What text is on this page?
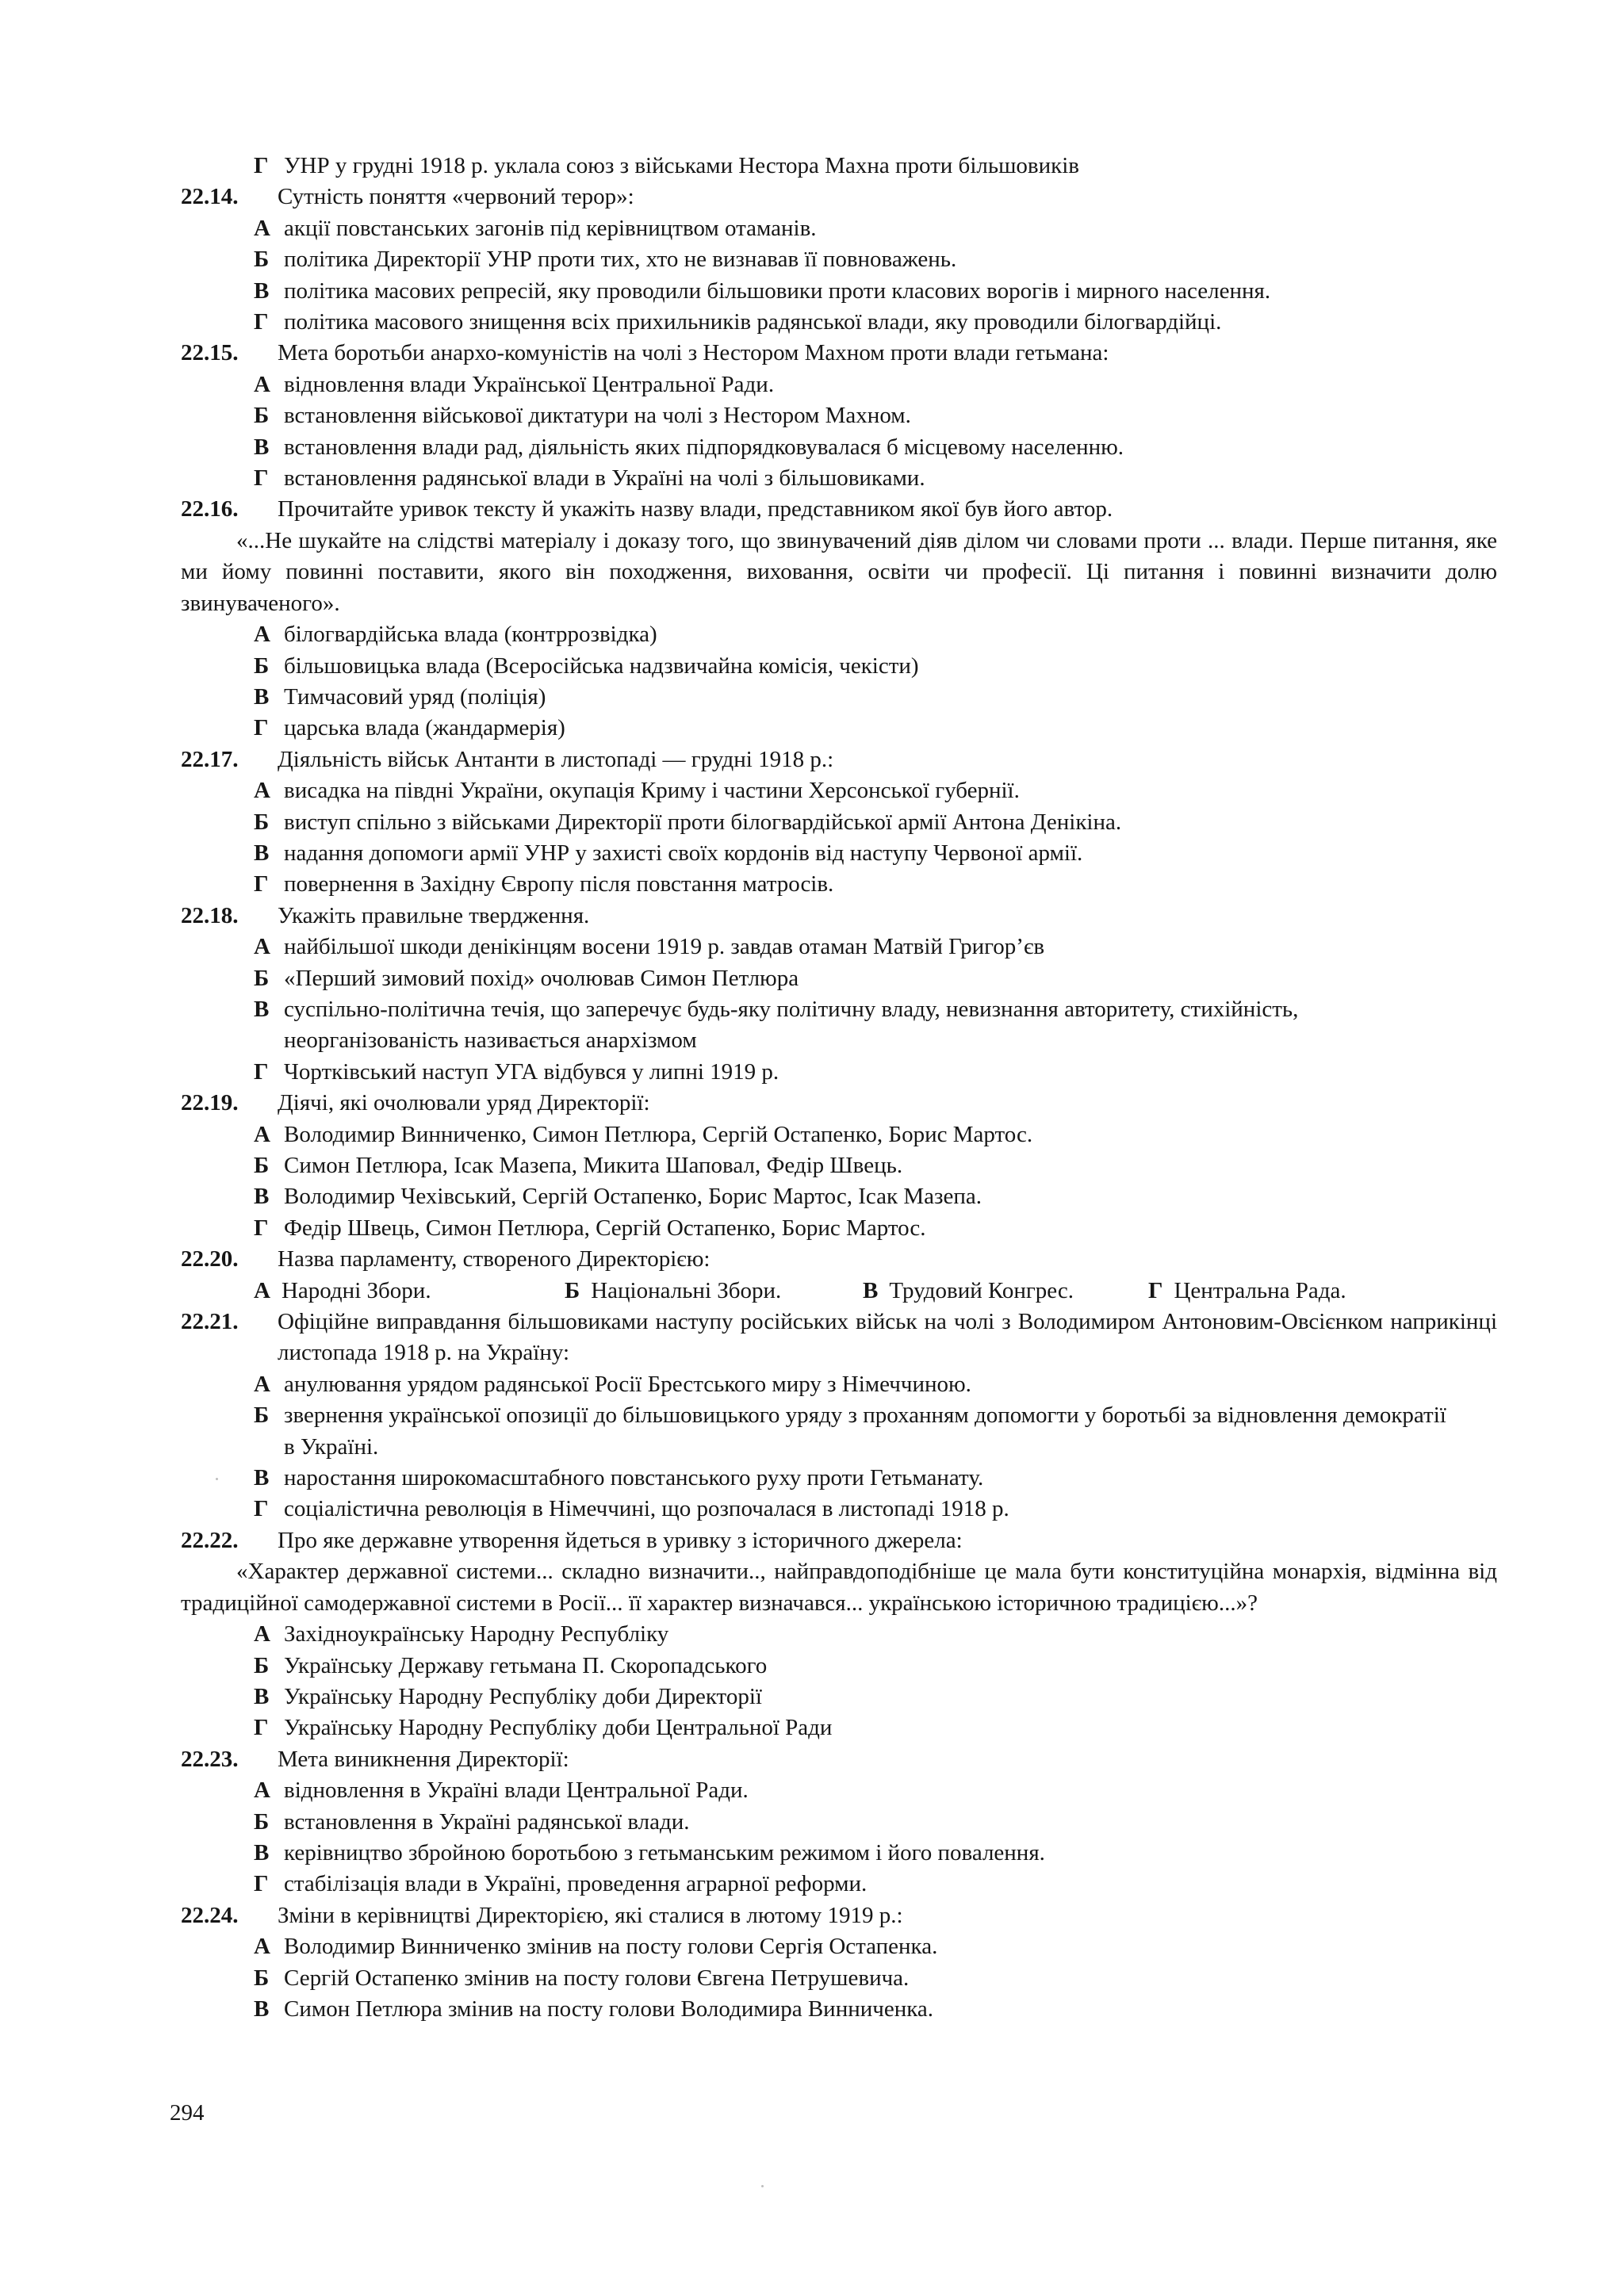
Г УНР у грудні 1918 р. уклала союз з військами Нестора Махна проти більшовиків
22.14.	Сутність поняття «червоний терор»:
А акції повстанських загонів під керівництвом отаманів.
Б політика Директорії УНР проти тих, хто не визнавав її повноважень.
В політика масових репресій, яку проводили більшовики проти класових ворогів і мирного населення.
Г політика масового знищення всіх прихильників радянської влади, яку проводили білогвардійці.
22.15.	Мета боротьби анархо-комуністів на чолі з Нестором Махном проти влади гетьмана:
А відновлення влади Української Центральної Ради.
Б встановлення військової диктатури на чолі з Нестором Махном.
В встановлення влади рад, діяльність яких підпорядковувалася б місцевому населенню.
Г встановлення радянської влади в Україні на чолі з більшовиками.
22.16.	Прочитайте уривок тексту й укажіть назву влади, представником якої був його автор.

«...Не шукайте на слідстві матеріалу і доказу того, що звинувачений діяв ділом чи словами проти ... влади. Перше питання, яке ми йому повинні поставити, якого він походження, виховання, освіти чи професії. Ці питання і повинні визначити долю звинуваченого».

А білогвардійська влада (контррозвідка)
Б більшовицька влада (Всеросійська надзвичайна комісія, чекісти)
В Тимчасовий уряд (поліція)
Г царська влада (жандармерія)
22.17.	Діяльність військ Антанти в листопаді — грудні 1918 р.:
А висадка на півдні України, окупація Криму і частини Херсонської губернії.
Б виступ спільно з військами Директорії проти білогвардійської армії Антона Денікіна.
В надання допомоги армії УНР у захисті своїх кордонів від наступу Червоної армії.
Г повернення в Західну Європу після повстання матросів.
22.18.	Укажіть правильне твердження.
А найбільшої шкоди денікінцям восени 1919 р. завдав отаман Матвій Григор’єв
Б «Перший зимовий похід» очолював Симон Петлюра
В суспільно-політична течія, що заперечує будь-яку політичну владу, невизнання авторитету, стихійність, неорганізованість називається анархізмом
Г Чортківський наступ УГА відбувся у липні 1919 р.
22.19.	Діячі, які очолювали уряд Директорії:
А Володимир Винниченко, Симон Петлюра, Сергій Остапенко, Борис Мартос.
Б Симон Петлюра, Ісак Мазепа, Микита Шаповал, Федір Швець.
В Володимир Чехівський, Сергій Остапенко, Борис Мартос, Ісак Мазепа.
Г Федір Швець, Симон Петлюра, Сергій Остапенко, Борис Мартос.
22.20.	Назва парламенту, створеного Директорією:
А Народні Збори.	Б Національні Збори.	В Трудовий Конгрес.	Г Центральна Рада.
22.21.	Офіційне виправдання більшовиками наступу російських військ на чолі з Володимиром Антоновим-Овсієнком наприкінці листопада 1918 р. на Україну:
А анулювання урядом радянської Росії Брестського миру з Німеччиною.
Б звернення української опозиції до більшовицького уряду з проханням допомогти у боротьбі за відновлення демократії в Україні.
В наростання широкомасштабного повстанського руху проти Гетьманату.
Г соціалістична революція в Німеччині, що розпочалася в листопаді 1918 р.
22.22.	Про яке державне утворення йдеться в уривку з історичного джерела:

«Характер державної системи... складно визначити.., найправдоподібніше це мала бути конституційна монархія, відмінна від традиційної самодержавної системи в Росії... її характер визначався... українською історичною традицією...»?

А Західноукраїнську Народну Республіку
Б Українську Державу гетьмана П. Скоропадського
В Українську Народну Республіку доби Директорії
Г Українську Народну Республіку доби Центральної Ради
22.23.	Мета виникнення Директорії:
А відновлення в Україні влади Центральної Ради.
Б встановлення в Україні радянської влади.
В керівництво збройною боротьбою з гетьманським режимом і його повалення.
Г стабілізація влади в Україні, проведення аграрної реформи.
22.24.	Зміни в керівництві Директорією, які сталися в лютому 1919 р.:
А Володимир Винниченко змінив на посту голови Сергія Остапенка.
Б Сергій Остапенко змінив на посту голови Євгена Петрушевича.
В Симон Петлюра змінив на посту голови Володимира Винниченка.
294
